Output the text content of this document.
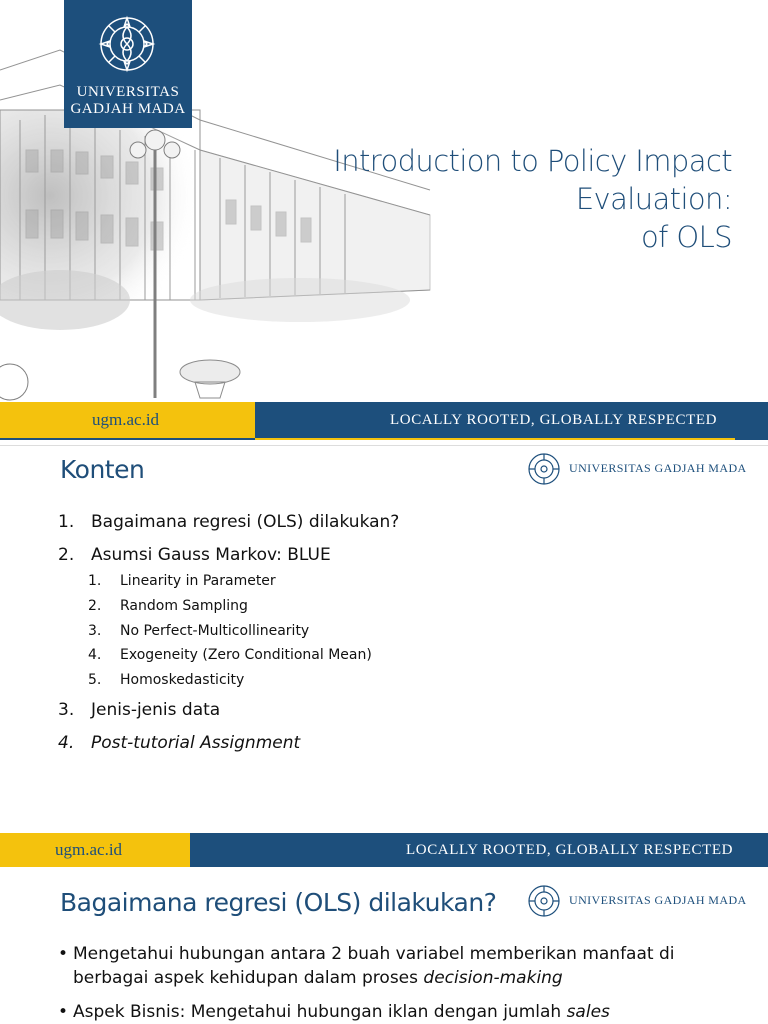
UNIVERSITAS
GADJAH MADA
Introduction to Policy Impact Evaluation:
of OLS
ugm.ac.id	LOCALLY ROOTED, GLOBALLY RESPECTED
Konten	UNIVERSITAS GADJAH MADA
1. Bagaimana regresi (OLS) dilakukan?
2. Asumsi Gauss Markov: BLUE
1. Linearity in Parameter
2. Random Sampling
3. No Perfect-Multicollinearity
4. Exogeneity (Zero Conditional Mean)
5. Homoskedasticity
3. Jenis-jenis data
4. Post-tutorial Assignment
ugm.ac.id	LOCALLY ROOTED, GLOBALLY RESPECTED
Bagaimana regresi (OLS) dilakukan?	UNIVERSITAS GADJAH MADA
• Mengetahui hubungan antara 2 buah variabel memberikan manfaat di berbagai aspek kehidupan dalam proses decision-making
• Aspek Bisnis: Mengetahui hubungan iklan dengan jumlah sales
